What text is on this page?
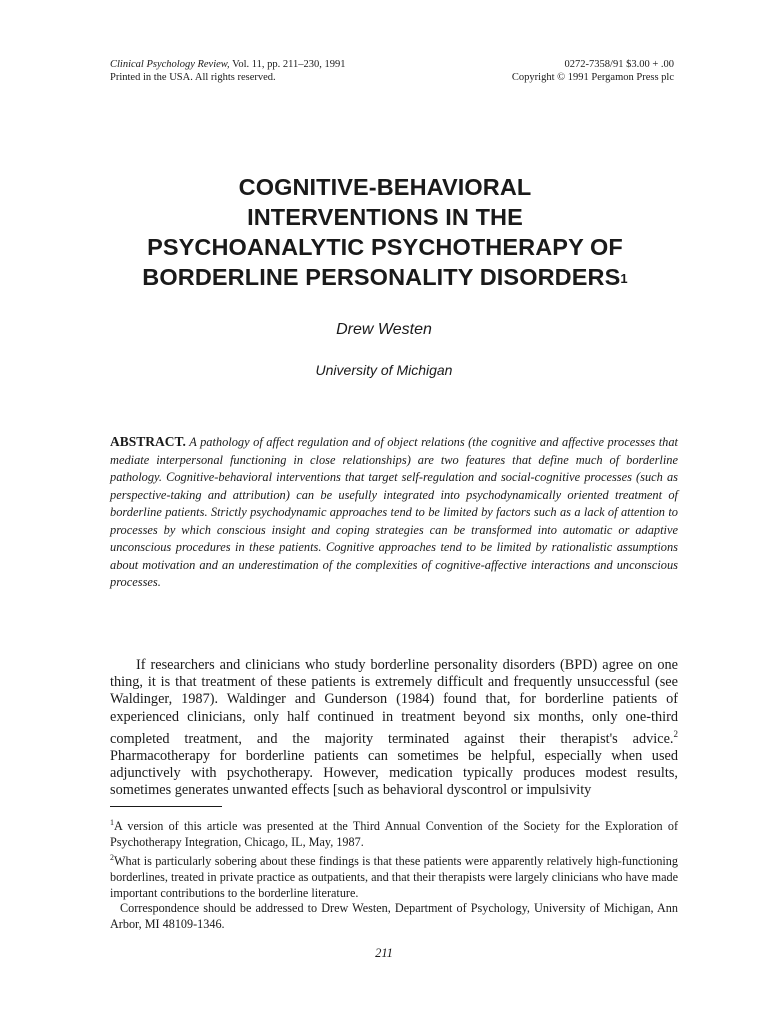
Clinical Psychology Review, Vol. 11, pp. 211–230, 1991
Printed in the USA. All rights reserved.
0272-7358/91 $3.00 + .00
Copyright © 1991 Pergamon Press plc
COGNITIVE-BEHAVIORAL
INTERVENTIONS IN THE
PSYCHOANALYTIC PSYCHOTHERAPY OF
BORDERLINE PERSONALITY DISORDERS$^1$
Drew Westen
University of Michigan
ABSTRACT. A pathology of affect regulation and of object relations (the cognitive and affective processes that mediate interpersonal functioning in close relationships) are two features that define much of borderline pathology. Cognitive-behavioral interventions that target self-regulation and social-cognitive processes (such as perspective-taking and attribution) can be usefully integrated into psychodynamically oriented treatment of borderline patients. Strictly psychodynamic approaches tend to be limited by factors such as a lack of attention to processes by which conscious insight and coping strategies can be transformed into automatic or adaptive unconscious procedures in these patients. Cognitive approaches tend to be limited by rationalistic assumptions about motivation and an underestimation of the complexities of cognitive-affective interactions and unconscious processes.

If researchers and clinicians who study borderline personality disorders (BPD) agree on one thing, it is that treatment of these patients is extremely difficult and frequently unsuccessful (see Waldinger, 1987). Waldinger and Gunderson (1984) found that, for borderline patients of experienced clinicians, only half continued in treatment beyond six months, only one-third completed treatment, and the majority terminated against their therapist's advice.$^2$ Pharmacotherapy for borderline patients can sometimes be helpful, especially when used adjunctively with psychotherapy. However, medication typically produces modest results, sometimes generates unwanted effects [such as behavioral dyscontrol or impulsivity

$^1$A version of this article was presented at the Third Annual Convention of the Society for the Exploration of Psychotherapy Integration, Chicago, IL, May, 1987.

$^2$What is particularly sobering about these findings is that these patients were apparently relatively high-functioning borderlines, treated in private practice as outpatients, and that their therapists were largely clinicians who have made important contributions to the borderline literature.

Correspondence should be addressed to Drew Westen, Department of Psychology, University of Michigan, Ann Arbor, MI 48109-1346.

211
